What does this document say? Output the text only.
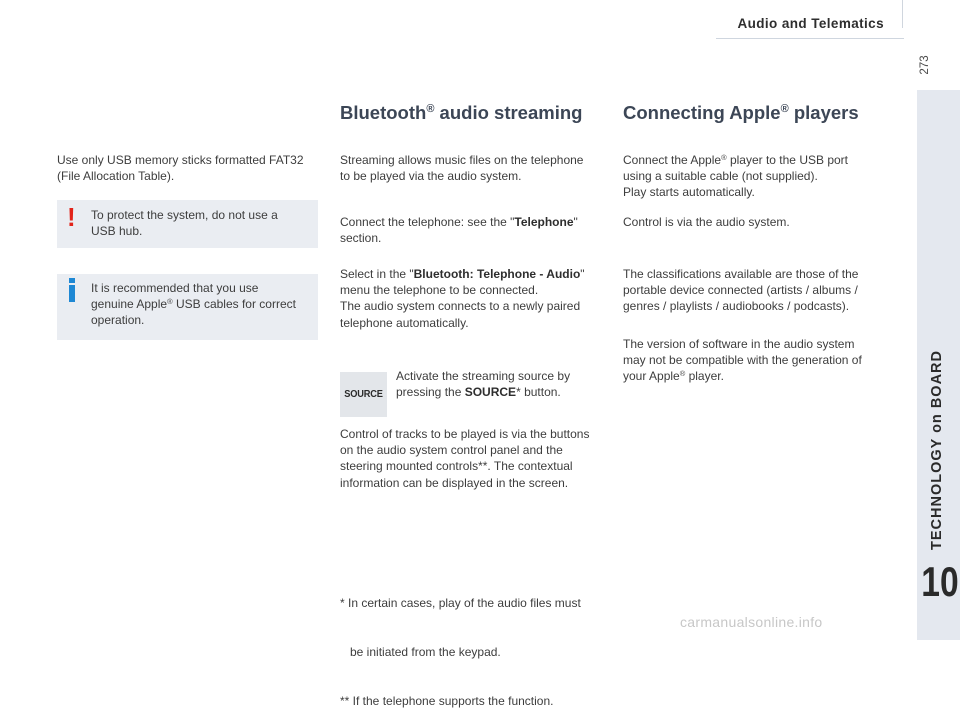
Audio and Telematics
273
TECHNOLOGY on BOARD
10
Use only USB memory sticks formatted FAT32
(File Allocation Table).
! To protect the system, do not use a
USB hub.
It is recommended that you use
genuine Apple® USB cables for correct
operation.
Bluetooth® audio streaming
Streaming allows music files on the telephone
to be played via the audio system.
Connect the telephone: see the "Telephone"
section.
Select in the "Bluetooth: Telephone - Audio"
menu the telephone to be connected.
The audio system connects to a newly paired
telephone automatically.
SOURCE
Activate the streaming source by
pressing the SOURCE* button.
Control of tracks to be played is via the buttons
on the audio system control panel and the
steering mounted controls**. The contextual
information can be displayed in the screen.

* In certain cases, play of the audio files must

be initiated from the keypad.

** If the telephone supports the function.

Connecting Apple® players
Connect the Apple® player to the USB port
using a suitable cable (not supplied).
Play starts automatically.
Control is via the audio system.
The classifications available are those of the
portable device connected (artists / albums /
genres / playlists / audiobooks / podcasts).
The version of software in the audio system
may not be compatible with the generation of
your Apple® player.
carmanualsonline.info
